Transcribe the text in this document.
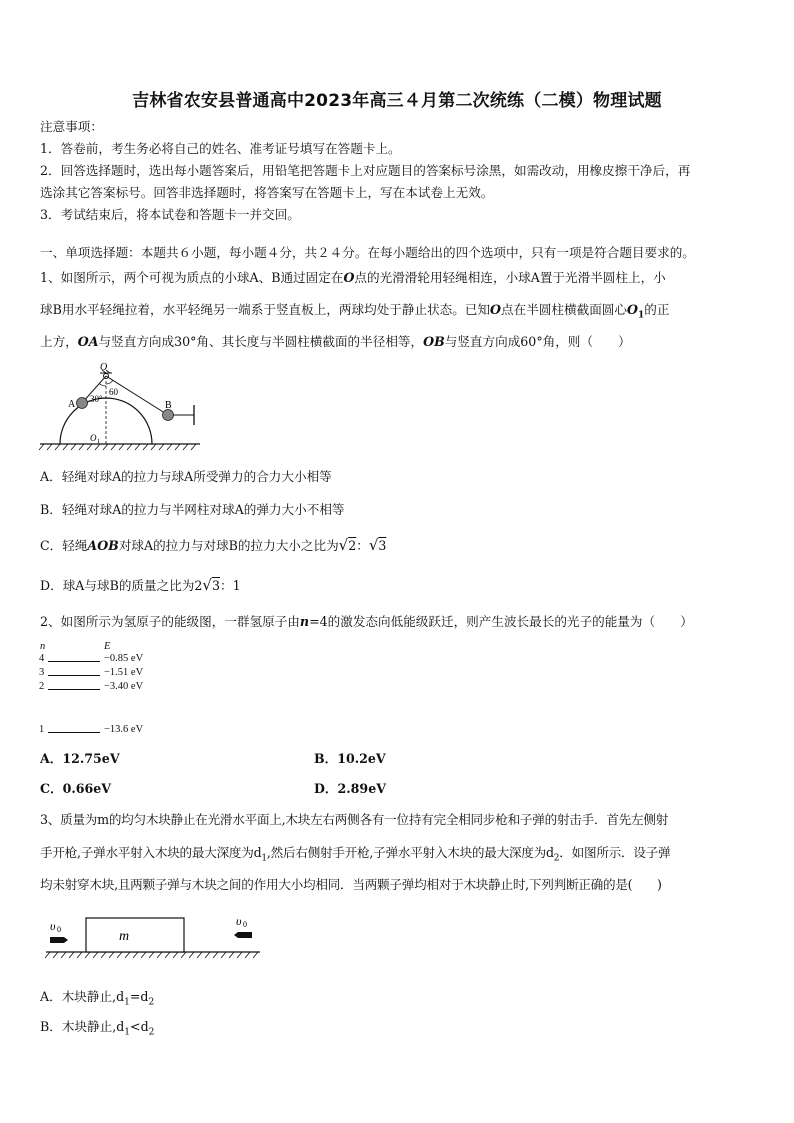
吉林省农安县普通高中2023年高三４月第二次统练（二模）物理试题
注意事项：
1．答卷前，考生务必将自己的姓名、准考证号填写在答题卡上。
2．回答选择题时，选出每小题答案后，用铅笔把答题卡上对应题目的答案标号涂黑，如需改动，用橡皮擦干净后，再
选涂其它答案标号。回答非选择题时，将答案写在答题卡上，写在本试卷上无效。
3．考试结束后，将本试卷和答题卡一并交回。
一、单项选择题：本题共６小题，每小题４分，共２４分。在每小题给出的四个选项中，只有一项是符合题目要求的。
1、如图所示，两个可视为质点的小球A、B通过固定在O点的光滑滑轮用轻绳相连，小球A置于光滑半圆柱上，小
球B用水平轻绳拉着，水平轻绳另一端系于竖直板上，两球均处于静止状态。已知O点在半圆柱横截面圆心$O_1$的正
上方，OA与竖直方向成30°角、其长度与半圆柱横截面的半径相等，OB与竖直方向成60°角，则（　　）
O
A	B
30°
60
O 1
A．轻绳对球A的拉力与球A所受弹力的合力大小相等
B．轻绳对球A的拉力与半网柱对球A的弹力大小不相等
C．轻绳AOB对球A的拉力与对球B的拉力大小之比为√2：√3
D．球A与球B的质量之比为2√3：1
2、如图所示为氢原子的能级图，一群氢原子由n=4的激发态向低能级跃迁，则产生波长最长的光子的能量为（　　）
n	E
4	−0.85 eV
3	−1.51 eV
2	−3.40 eV
1	−13.6 eV
A．12.75eV	B．10.2eV
C．0.66eV	D．2.89eV
3、质量为m的均匀木块静止在光滑水平面上,木块左右两侧各有一位持有完全相同步枪和子弹的射击手．首先左侧射
手开枪,子弹水平射入木块的最大深度为$d_1$,然后右侧射手开枪,子弹水平射入木块的最大深度为$d_2$．如图所示．设子弹
均未射穿木块,且两颗子弹与木块之间的作用大小均相同．当两颗子弹均相对于木块静止时,下列判断正确的是(　　)
m
υ 0
υ 0
A．木块静止$,d_1=d_2$
B．木块静止$,d_1<d_2$
